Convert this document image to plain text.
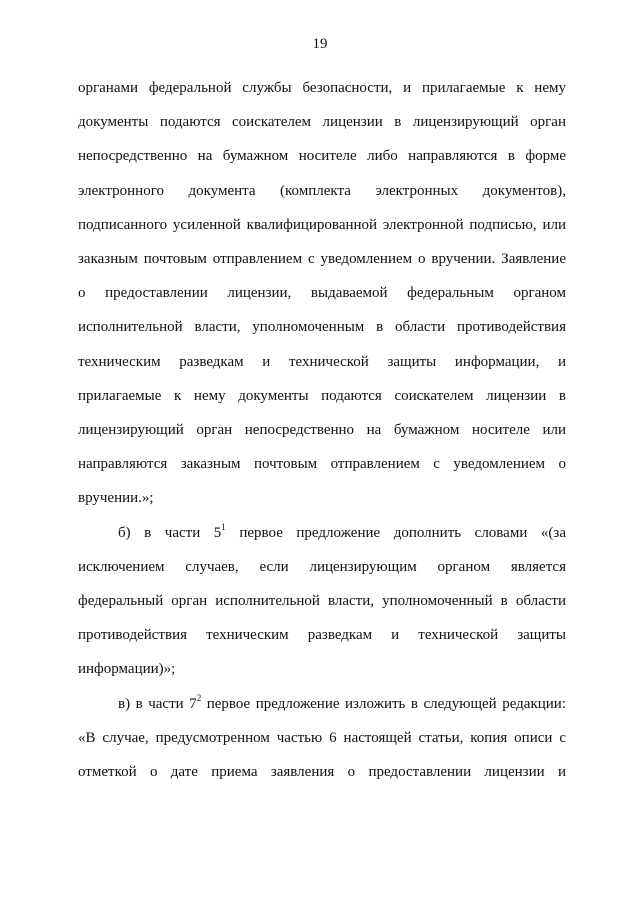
19
органами федеральной службы безопасности, и прилагаемые к нему
документы подаются соискателем лицензии в лицензирующий орган
непосредственно на бумажном носителе либо направляются в форме
электронного документа (комплекта электронных документов),
подписанного усиленной квалифицированной электронной подписью, или
заказным почтовым отправлением с уведомлением о вручении. Заявление
о предоставлении лицензии, выдаваемой федеральным органом
исполнительной власти, уполномоченным в области противодействия
техническим разведкам и технической защиты информации, и
прилагаемые к нему документы подаются соискателем лицензии в
лицензирующий орган непосредственно на бумажном носителе или
направляются заказным почтовым отправлением с уведомлением о
вручении.»;
б) в части $5^1$ первое предложение дополнить словами «(за
исключением случаев, если лицензирующим органом является
федеральный орган исполнительной власти, уполномоченный в области
противодействия техническим разведкам и технической защиты
информации)»;
в) в части $7^2$ первое предложение изложить в следующей редакции:
«В случае, предусмотренном частью 6 настоящей статьи, копия описи с
отметкой о дате приема заявления о предоставлении лицензии и
